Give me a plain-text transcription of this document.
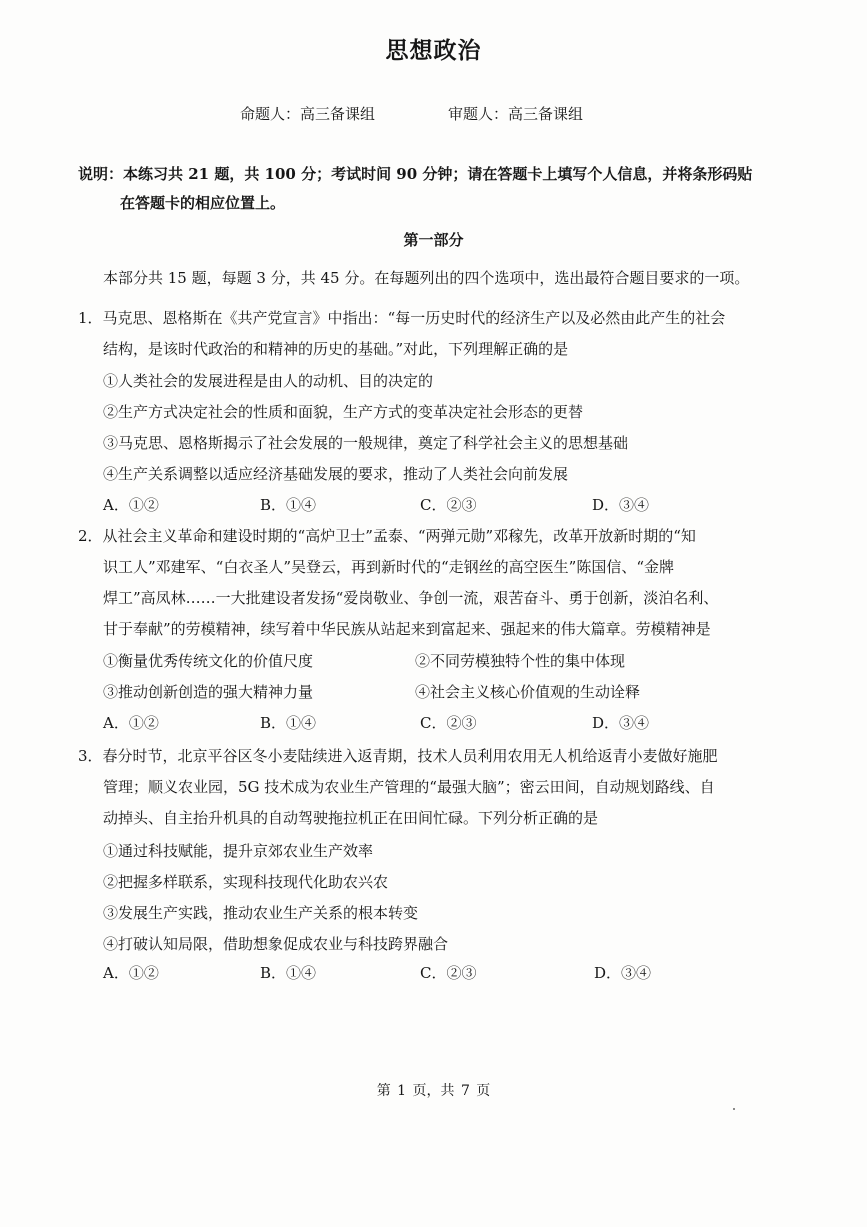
思想政治
命题人：高三备课组	审题人：高三备课组
说明：本练习共 21 题，共 100 分；考试时间 90 分钟；请在答题卡上填写个人信息，并将条形码贴
在答题卡的相应位置上。
第一部分
本部分共 15 题，每题 3 分，共 45 分。在每题列出的四个选项中，选出最符合题目要求的一项。
1．马克思、恩格斯在《共产党宣言》中指出：“每一历史时代的经济生产以及必然由此产生的社会
结构，是该时代政治的和精神的历史的基础。”对此，下列理解正确的是
①人类社会的发展进程是由人的动机、目的决定的
②生产方式决定社会的性质和面貌，生产方式的变革决定社会形态的更替
③马克思、恩格斯揭示了社会发展的一般规律，奠定了科学社会主义的思想基础
④生产关系调整以适应经济基础发展的要求，推动了人类社会向前发展
A．①②	B．①④	C．②③	D．③④
2．从社会主义革命和建设时期的“高炉卫士”孟泰、“两弹元勋”邓稼先，改革开放新时期的“知
识工人”邓建军、“白衣圣人”吴登云，再到新时代的“走钢丝的高空医生”陈国信、“金牌
焊工”高凤林……一大批建设者发扬“爱岗敬业、争创一流，艰苦奋斗、勇于创新，淡泊名利、
甘于奉献”的劳模精神，续写着中华民族从站起来到富起来、强起来的伟大篇章。劳模精神是
①衡量优秀传统文化的价值尺度	②不同劳模独特个性的集中体现
③推动创新创造的强大精神力量	④社会主义核心价值观的生动诠释
A．①②	B．①④	C．②③	D．③④
3．春分时节，北京平谷区冬小麦陆续进入返青期，技术人员利用农用无人机给返青小麦做好施肥
管理；顺义农业园，5G 技术成为农业生产管理的“最强大脑”；密云田间，自动规划路线、自
动掉头、自主抬升机具的自动驾驶拖拉机正在田间忙碌。下列分析正确的是
①通过科技赋能，提升京郊农业生产效率
②把握多样联系，实现科技现代化助农兴农
③发展生产实践，推动农业生产关系的根本转变
④打破认知局限，借助想象促成农业与科技跨界融合
A．①②	B．①④	C．②③	D．③④
第 1 页，共 7 页
